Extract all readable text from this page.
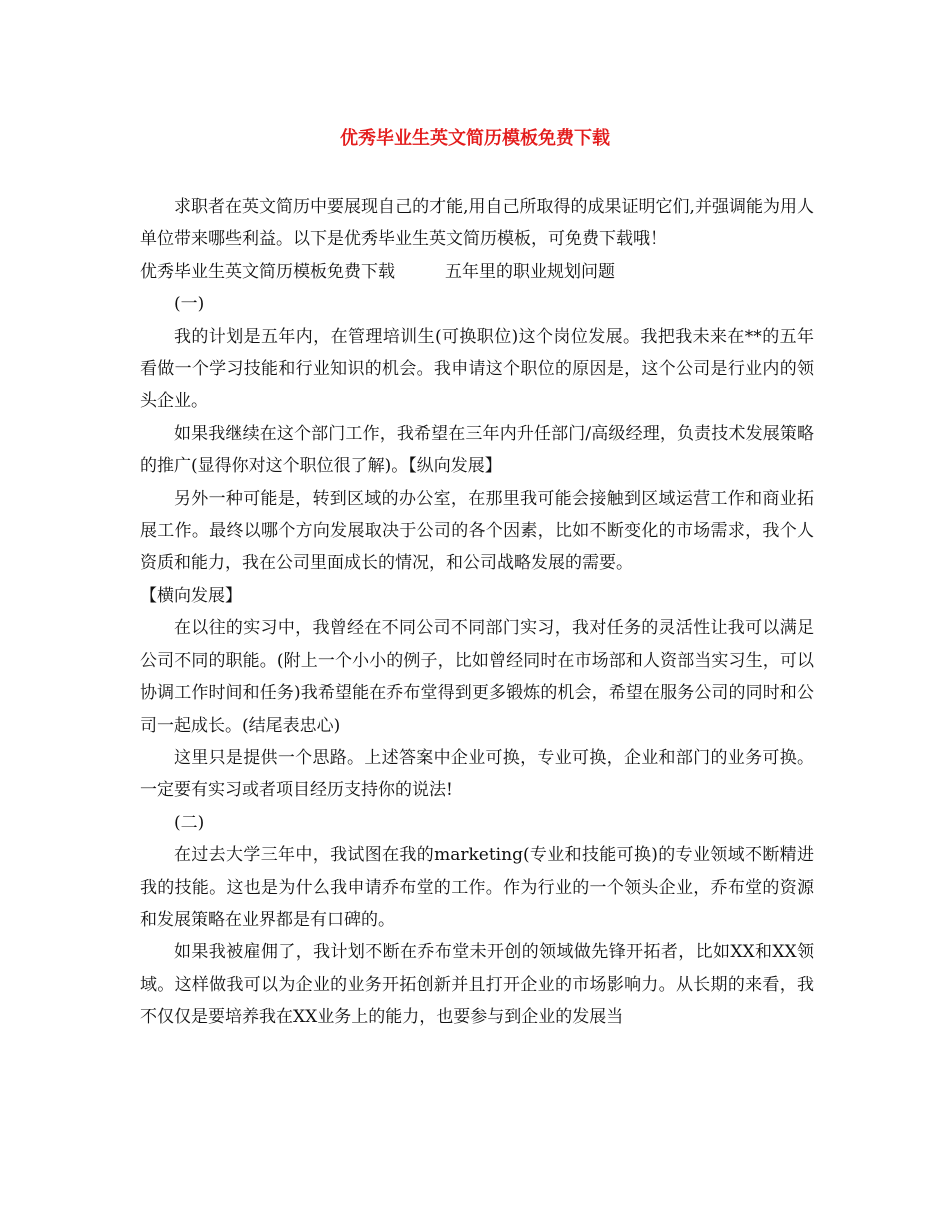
优秀毕业生英文简历模板免费下载

求职者在英文简历中要展现自己的才能,用自己所取得的成果证明它们,并强调能为用人单位带来哪些利益。以下是优秀毕业生英文简历模板，可免费下载哦！

优秀毕业生英文简历模板免费下载	五年里的职业规划问题

(一)

我的计划是五年内，在管理培训生(可换职位)这个岗位发展。我把我未来在**的五年看做一个学习技能和行业知识的机会。我申请这个职位的原因是，这个公司是行业内的领头企业。

如果我继续在这个部门工作，我希望在三年内升任部门/高级经理，负责技术发展策略的推广(显得你对这个职位很了解)。【纵向发展】

另外一种可能是，转到区域的办公室，在那里我可能会接触到区域运营工作和商业拓展工作。最终以哪个方向发展取决于公司的各个因素，比如不断变化的市场需求，我个人资质和能力，我在公司里面成长的情况，和公司战略发展的需要。

【横向发展】

在以往的实习中，我曾经在不同公司不同部门实习，我对任务的灵活性让我可以满足公司不同的职能。(附上一个小小的例子，比如曾经同时在市场部和人资部当实习生，可以协调工作时间和任务)我希望能在乔布堂得到更多锻炼的机会，希望在服务公司的同时和公司一起成长。(结尾表忠心)

这里只是提供一个思路。上述答案中企业可换，专业可换，企业和部门的业务可换。一定要有实习或者项目经历支持你的说法!

(二)

在过去大学三年中，我试图在我的marketing(专业和技能可换)的专业领域不断精进我的技能。这也是为什么我申请乔布堂的工作。作为行业的一个领头企业，乔布堂的资源和发展策略在业界都是有口碑的。

如果我被雇佣了，我计划不断在乔布堂未开创的领域做先锋开拓者，比如XX和XX领域。这样做我可以为企业的业务开拓创新并且打开企业的市场影响力。从长期的来看，我不仅仅是要培养我在XX业务上的能力，也要参与到企业的发展当
